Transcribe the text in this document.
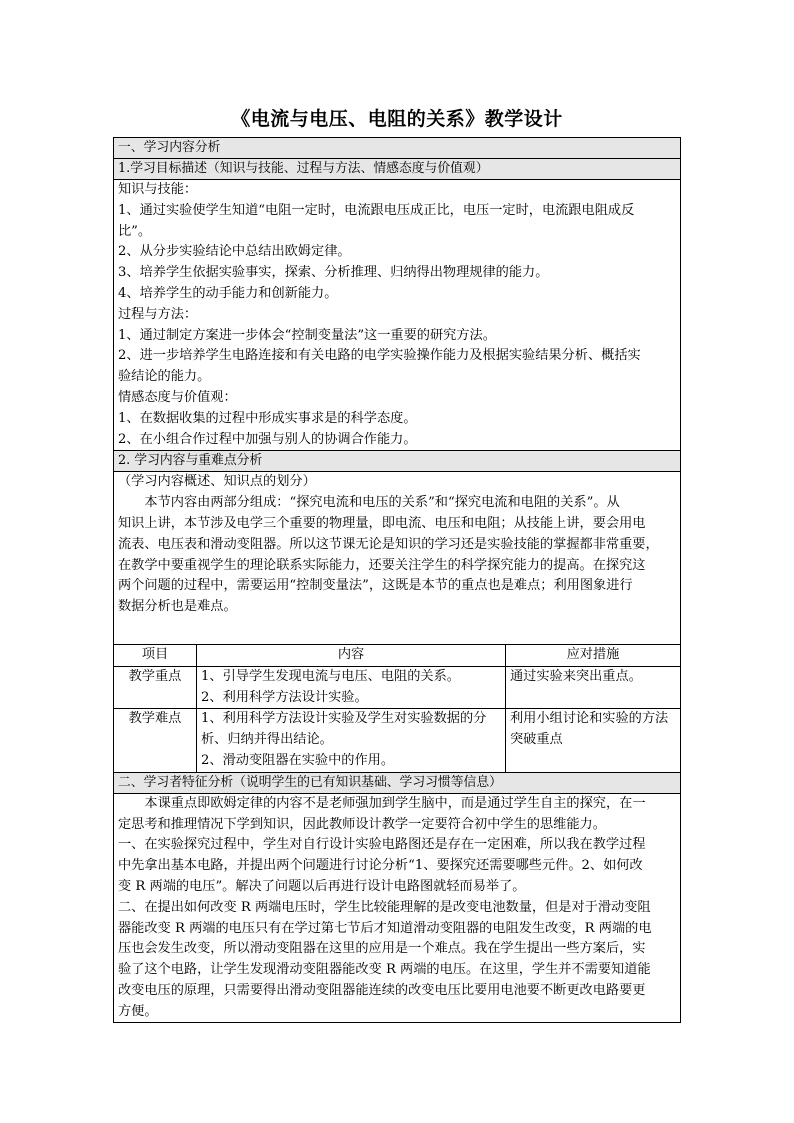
《电流与电压、电阻的关系》教学设计
一、学习内容分析
1.学习目标描述（知识与技能、过程与方法、情感态度与价值观）
知识与技能：
1、通过实验使学生知道“电阻一定时，电流跟电压成正比，电压一定时，电流跟电阻成反
比”。
2、从分步实验结论中总结出欧姆定律。
3、培养学生依据实验事实，探索、分析推理、归纳得出物理规律的能力。
4、培养学生的动手能力和创新能力。
过程与方法：
1、通过制定方案进一步体会“控制变量法”这一重要的研究方法。
2、进一步培养学生电路连接和有关电路的电学实验操作能力及根据实验结果分析、概括实
验结论的能力。
情感态度与价值观：
1、在数据收集的过程中形成实事求是的科学态度。
2、在小组合作过程中加强与别人的协调合作能力。
2. 学习内容与重难点分析
（学习内容概述、知识点的划分）
本节内容由两部分组成：“探究电流和电压的关系”和“探究电流和电阻的关系”。从
知识上讲，本节涉及电学三个重要的物理量，即电流、电压和电阻；从技能上讲，要会用电
流表、电压表和滑动变阻器。所以这节课无论是知识的学习还是实验技能的掌握都非常重要，
在教学中要重视学生的理论联系实际能力，还要关注学生的科学探究能力的提高。在探究这
两个问题的过程中，需要运用“控制变量法”，这既是本节的重点也是难点；利用图象进行
数据分析也是难点。
项目	内容	应对措施
教学重点	1、引导学生发现电流与电压、电阻的关系。
2、利用科学方法设计实验。	通过实验来突出重点。
教学难点	1、利用科学方法设计实验及学生对实验数据的分
析、归纳并得出结论。
2、滑动变阻器在实验中的作用。	利用小组讨论和实验的方法突破重点
二、学习者特征分析（说明学生的已有知识基础、学习习惯等信息）
本课重点即欧姆定律的内容不是老师强加到学生脑中，而是通过学生自主的探究，在一
定思考和推理情况下学到知识，因此教师设计教学一定要符合初中学生的思维能力。
一、在实验探究过程中，学生对自行设计实验电路图还是存在一定困难，所以我在教学过程
中先拿出基本电路，并提出两个问题进行讨论分析“1、要探究还需要哪些元件。2、如何改
变 R 两端的电压”。解决了问题以后再进行设计电路图就轻而易举了。
二、在提出如何改变 R 两端电压时，学生比较能理解的是改变电池数量，但是对于滑动变阻
器能改变 R 两端的电压只有在学过第七节后才知道滑动变阻器的电阻发生改变，R 两端的电
压也会发生改变，所以滑动变阻器在这里的应用是一个难点。我在学生提出一些方案后，实
验了这个电路，让学生发现滑动变阻器能改变 R 两端的电压。在这里，学生并不需要知道能
改变电压的原理，只需要得出滑动变阻器能连续的改变电压比要用电池要不断更改电路要更
方便。
